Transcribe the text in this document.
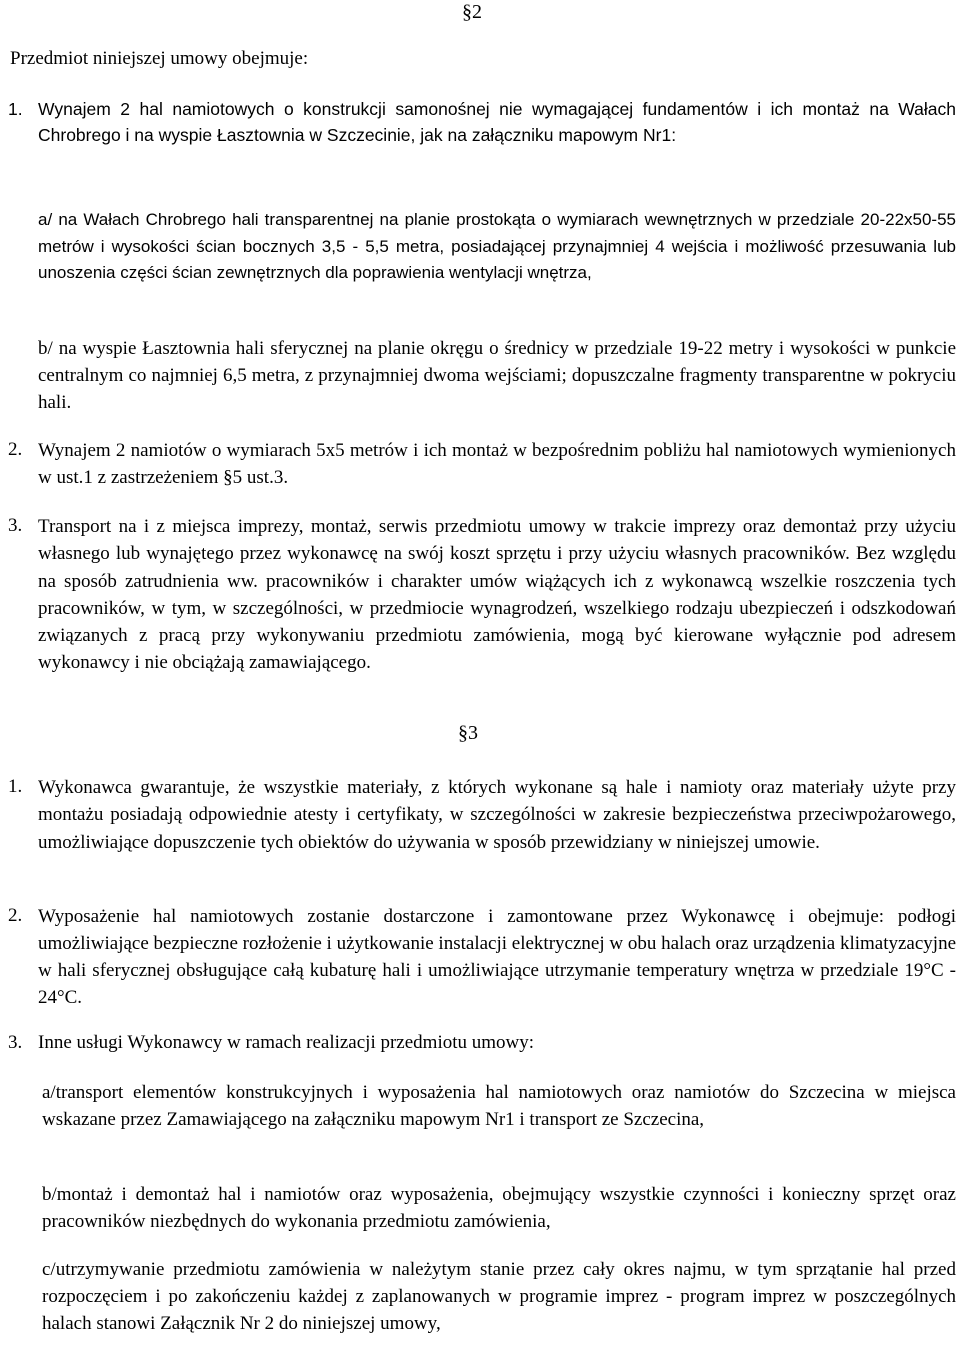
§2
Przedmiot niniejszej umowy obejmuje:
1. Wynajem 2 hal namiotowych o konstrukcji samonośnej nie wymagającej fundamentów i ich montaż na Wałach Chrobrego i na wyspie Łasztownia w Szczecinie, jak na załączniku mapowym Nr1:
a/ na Wałach Chrobrego hali transparentnej na planie prostokąta o wymiarach wewnętrznych w przedziale 20-22x50-55 metrów i wysokości ścian bocznych 3,5 - 5,5 metra, posiadającej przynajmniej 4 wejścia i możliwość przesuwania lub unoszenia części ścian zewnętrznych dla poprawienia wentylacji wnętrza,
b/ na wyspie Łasztownia hali sferycznej na planie okręgu o średnicy w przedziale 19-22 metry i wysokości w punkcie centralnym co najmniej 6,5 metra, z przynajmniej dwoma wejściami; dopuszczalne fragmenty transparentne w pokryciu hali.
2. Wynajem 2 namiotów o wymiarach 5x5 metrów i ich montaż w bezpośrednim pobliżu hal namiotowych wymienionych w ust.1 z zastrzeżeniem §5 ust.3.
3. Transport na i z miejsca imprezy, montaż, serwis przedmiotu umowy w trakcie imprezy oraz demontaż przy użyciu własnego lub wynajętego przez wykonawcę na swój koszt sprzętu i przy użyciu własnych pracowników. Bez względu na sposób zatrudnienia ww. pracowników i charakter umów wiążących ich z wykonawcą wszelkie roszczenia tych pracowników, w tym, w szczególności, w przedmiocie wynagrodzeń, wszelkiego rodzaju ubezpieczeń i odszkodowań związanych z pracą przy wykonywaniu przedmiotu zamówienia, mogą być kierowane wyłącznie pod adresem wykonawcy i nie obciążają zamawiającego.
§3
1. Wykonawca gwarantuje, że wszystkie materiały, z których wykonane są hale i namioty oraz materiały użyte przy montażu posiadają odpowiednie atesty i certyfikaty, w szczególności w zakresie bezpieczeństwa przeciwpożarowego, umożliwiające dopuszczenie tych obiektów do używania w sposób przewidziany w niniejszej umowie.
2. Wyposażenie hal namiotowych zostanie dostarczone i zamontowane przez Wykonawcę i obejmuje: podłogi umożliwiające bezpieczne rozłożenie i użytkowanie instalacji elektrycznej w obu halach oraz urządzenia klimatyzacyjne w hali sferycznej obsługujące całą kubaturę hali i umożliwiające utrzymanie temperatury wnętrza w przedziale 19°C - 24°C.
3. Inne usługi Wykonawcy w ramach realizacji przedmiotu umowy:
a/transport elementów konstrukcyjnych i wyposażenia hal namiotowych oraz namiotów do Szczecina w miejsca wskazane przez Zamawiającego na załączniku mapowym Nr1 i transport ze Szczecina,
b/montaż i demontaż hal i namiotów oraz wyposażenia, obejmujący wszystkie czynności i konieczny sprzęt oraz pracowników niezbędnych do wykonania przedmiotu zamówienia,
c/utrzymywanie przedmiotu zamówienia w należytym stanie przez cały okres najmu, w tym sprzątanie hal przed rozpoczęciem i po zakończeniu każdej z zaplanowanych w programie imprez - program imprez w poszczególnych halach stanowi Załącznik Nr 2 do niniejszej umowy,
